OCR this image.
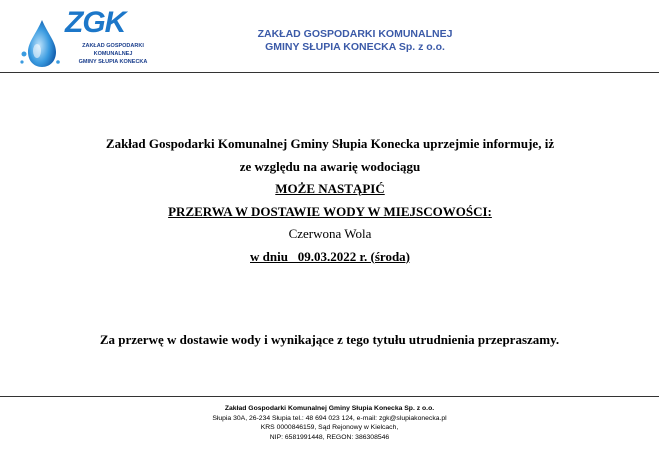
ZGK
ZAKŁAD GOSPODARKI
KOMUNALNEJ
GMINY SŁUPIA KONECKA
ZAKŁAD GOSPODARKI KOMUNALNEJ
GMINY SŁUPIA KONECKA Sp. z o.o.
Zakład Gospodarki Komunalnej Gminy Słupia Konecka uprzejmie informuje, iż
ze względu na awarię wodociągu
MOŻE NASTĄPIĆ
PRZERWA W DOSTAWIE WODY W MIEJSCOWOŚCI:
Czerwona Wola
w dniu   09.03.2022 r. (środa)
Za przerwę w dostawie wody i wynikające z tego tytułu utrudnienia przepraszamy.
Zakład Gospodarki Komunalnej Gminy Słupia Konecka Sp. z o.o.
Słupia 30A, 26-234 Słupia tel.: 48 694 023 124, e-mail: zgk@slupiakonecka.pl
KRS 0000846159, Sąd Rejonowy w Kielcach,
NIP: 6581991448, REGON: 386308546
